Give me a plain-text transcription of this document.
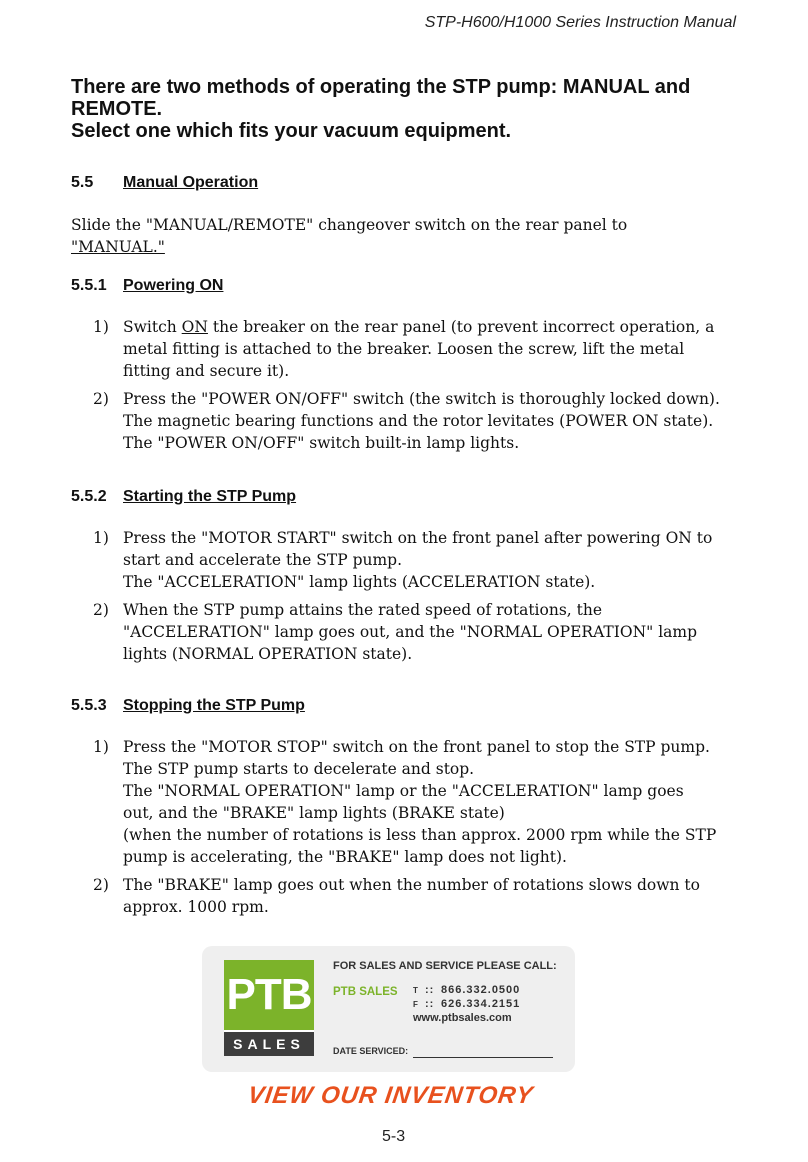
STP-H600/H1000 Series Instruction Manual
There are two methods of operating the STP pump: MANUAL and
REMOTE.
Select one which fits your vacuum equipment.
5.5 Manual Operation
Slide the "MANUAL/REMOTE" changeover switch on the rear panel to
"MANUAL."
5.5.1 Powering ON
1) Switch ON the breaker on the rear panel (to prevent incorrect operation, a
metal fitting is attached to the breaker. Loosen the screw, lift the metal
fitting and secure it).
2) Press the "POWER ON/OFF" switch (the switch is thoroughly locked down).
The magnetic bearing functions and the rotor levitates (POWER ON state).
The "POWER ON/OFF" switch built-in lamp lights.
5.5.2 Starting the STP Pump
1) Press the "MOTOR START" switch on the front panel after powering ON to
start and accelerate the STP pump.
The "ACCELERATION" lamp lights (ACCELERATION state).
2) When the STP pump attains the rated speed of rotations, the
"ACCELERATION" lamp goes out, and the "NORMAL OPERATION" lamp
lights (NORMAL OPERATION state).
5.5.3 Stopping the STP Pump
1) Press the "MOTOR STOP" switch on the front panel to stop the STP pump.
The STP pump starts to decelerate and stop.
The "NORMAL OPERATION" lamp or the "ACCELERATION" lamp goes
out, and the "BRAKE" lamp lights (BRAKE state)
(when the number of rotations is less than approx. 2000 rpm while the STP
pump is accelerating, the "BRAKE" lamp does not light).
2) The "BRAKE" lamp goes out when the number of rotations slows down to
approx. 1000 rpm.
PTB
SALES
FOR SALES AND SERVICE PLEASE CALL:
PTB SALES T :: 866.332.0500
F :: 626.334.2151
www.ptbsales.com
DATE SERVICED:
VIEW OUR INVENTORY
5-3
